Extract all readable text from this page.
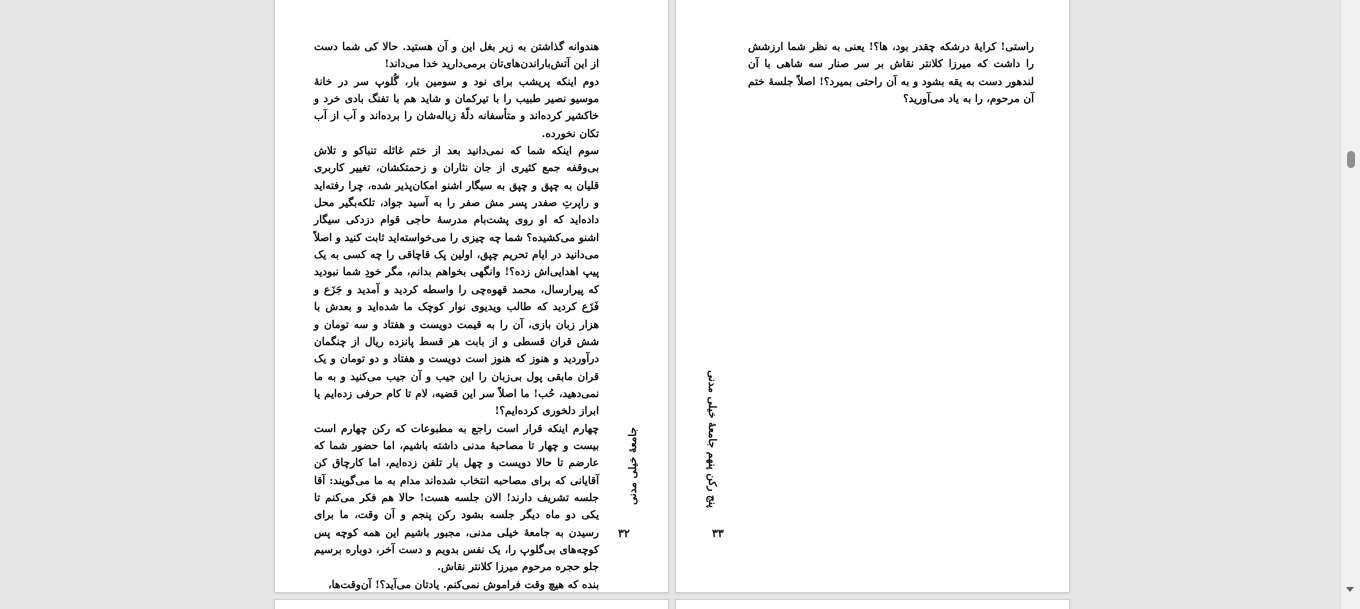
هندوانه گذاشتن به زیر بغل این و آن هستید. حالا کی شما دست از این آتش‌باراندن‌های‌تان برمی‌دارید خدا می‌داند!

دوم اینکه پریشب برای نود و سومین بار، گُلوپ سر در خانهٔ موسیو نصیر طبیب را با تیرکمان و شاید هم با تفنگ بادی خرد و خاکشیر کرده‌اند و متأسفانه دلّهٔ زباله‌شان را برده‌اند و آب از آب تکان نخورده.

سوم اینکه شما که نمی‌دانید بعد از ختم غائله تنباکو و تلاش بی‌وقفه جمع کثیری از جان نثاران و زحمتکشان، تغییر کاربری قلیان به چپق و چپق به سیگار اشنو امکان‌پذیر شده، چرا رفته‌اید و راپرتِ صفدر پسر مش صفر را به آسید جواد، تلکه‌بگیر محل داده‌اید که او روی پشت‌بام مدرسهٔ حاجی قوام دزدکی سیگار اشنو می‌کشیده؟ شما چه چیزی را می‌خواسته‌اید ثابت کنید و اصلاً می‌دانید در ایام تحریم چپق، اولین پک قاچاقی را چه کسی به یک پیپ اهدایی‌اش زده؟! وانگهی بخواهم بدانم، مگر خودِ شما نبودید که پیرارسال، محمد قهوه‌چی را واسطه کردید و آمدید و جَزَع و فَزَع کردید که طالب ویدیوی نوار کوچک ما شده‌اید و بعدش با هزار زبان بازی، آن را به قیمت دویست و هفتاد و سه تومان و شش قران قسطی و از بابت هر قسط پانزده ریال از چنگمان درآوردید و هنوز که هنوز است دویست و هفتاد و دو تومان و یک قران مابقی پول بی‌زبان را این جیب و آن جیب می‌کنید و به ما نمی‌دهید، حُب! ما اصلاً سر این قضیه، لام تا کام حرفی زده‌ایم یا ابراز دلخوری کرده‌ایم؟!

چهارم اینکه قرار است راجع به مطبوعات که رکن چهارم است بیست و چهار تا مصاحبهٔ مدنی داشته باشیم، اما حضور شما که عارضم تا حالا دویست و چهل بار تلفن زده‌ایم، اما کارچاق کن آقایانی که برای مصاحبه انتخاب شده‌اند مدام به ما می‌گویند: آقا جلسه تشریف دارند! الان جلسه هست! حالا هم فکر می‌کنم تا یکی دو ماه دیگر جلسه بشود رکن پنجم و آن وقت، ما برای رسیدن به جامعهٔ خیلی مدنی، مجبور باشیم این همه کوچه پس کوچه‌های بی‌گلوپ را، یک نفس بدویم و دست آخر، دوباره برسیم جلو حجره مرحوم میرزا کلانتر نقاش.

بنده که هیچ وقت فراموش نمی‌کنم. یادتان می‌آید؟! آن‌وقت‌ها،

جامعهٔ خیلی مدنی
۳۲

راستی! کرایهٔ درشکه چقدر بود، ها؟! یعنی به نظر شما ارزشش را داشت که میرزا کلانتر نقاش بر سر صنار سه شاهی با آن لندهور دست به یقه بشود و به آن راحتی بمیرد؟! اصلاً جلسهٔ ختم آن مرحوم، را به یاد می‌آورید؟

پنج رکن پنهم جامعهٔ خیلی مدنی
۳۳
